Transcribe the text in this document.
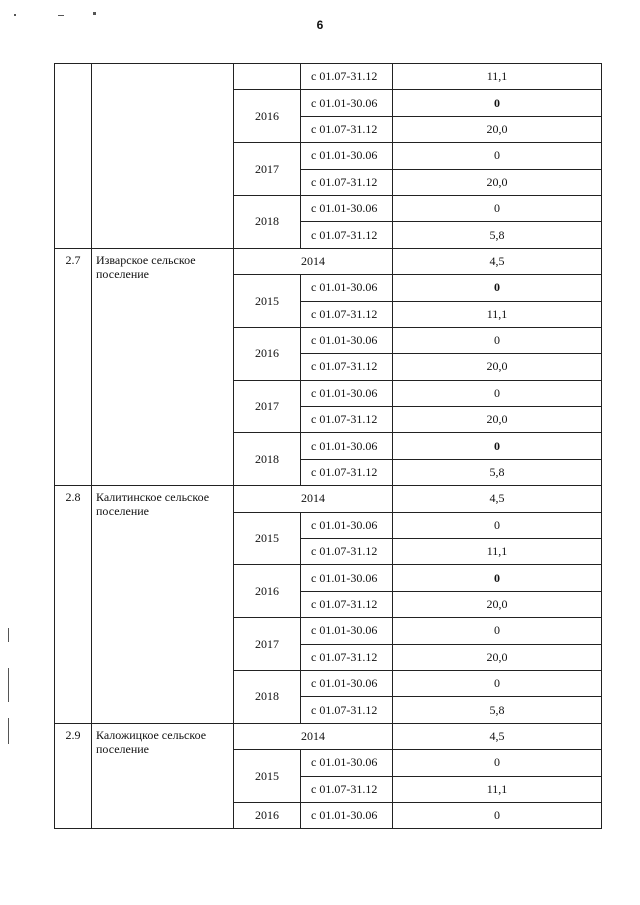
6
			с 01.07-31.12	11,1
		2016	с 01.01-30.06	0
			с 01.07-31.12	20,0
		2017	с 01.01-30.06	0
			с 01.07-31.12	20,0
		2018	с 01.01-30.06	0
			с 01.07-31.12	5,8
2.7	Изварское сельское поселение	2014		4,5
		2015	с 01.01-30.06	0
			с 01.07-31.12	11,1
		2016	с 01.01-30.06	0
			с 01.07-31.12	20,0
		2017	с 01.01-30.06	0
			с 01.07-31.12	20,0
		2018	с 01.01-30.06	0
			с 01.07-31.12	5,8
2.8	Калитинское сельское поселение	2014		4,5
		2015	с 01.01-30.06	0
			с 01.07-31.12	11,1
		2016	с 01.01-30.06	0
			с 01.07-31.12	20,0
		2017	с 01.01-30.06	0
			с 01.07-31.12	20,0
		2018	с 01.01-30.06	0
			с 01.07-31.12	5,8
2.9	Каложицкое сельское поселение	2014		4,5
		2015	с 01.01-30.06	0
			с 01.07-31.12	11,1
		2016	с 01.01-30.06	0
